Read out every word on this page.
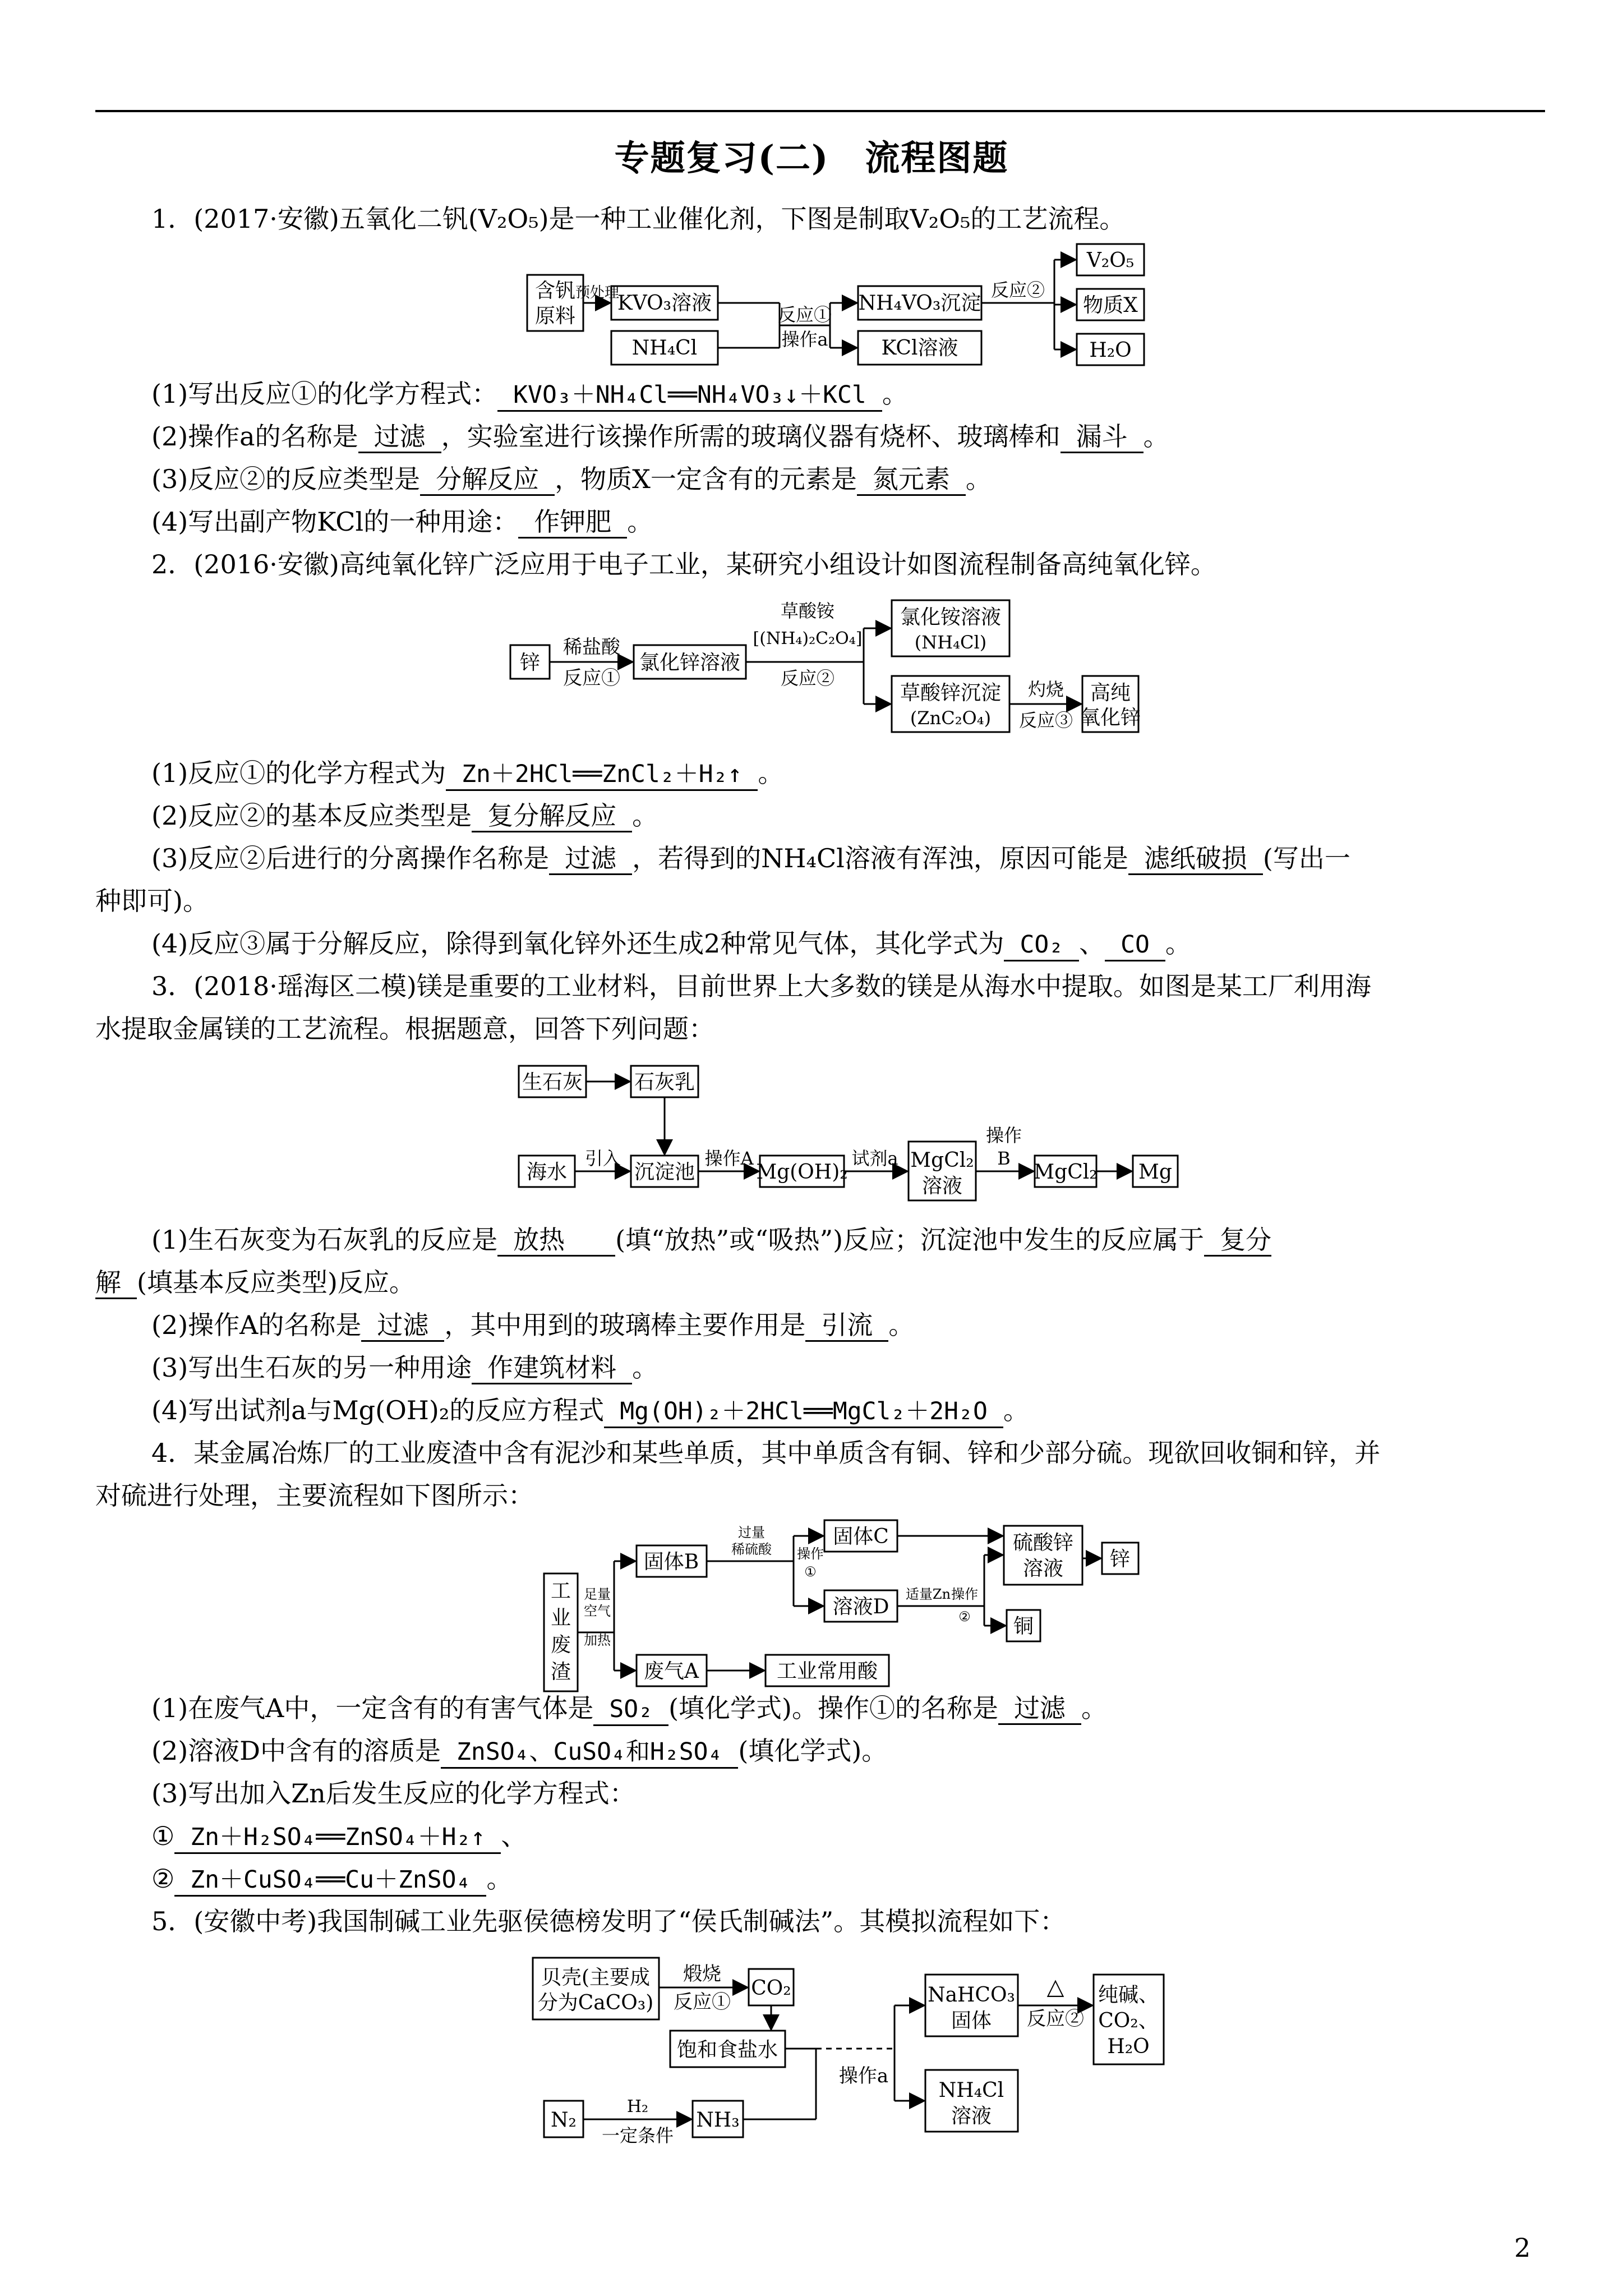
专题复习(二)　流程图题
1．(2017·安徽)五氧化二钒(V₂O₅)是一种工业催化剂，下图是制取V₂O₅的工艺流程。
含钒
原料
预处理
KVO₃溶液
NH₄Cl
反应①
操作a
NH₄VO₃沉淀
KCl溶液
反应②
V₂O₅
物质X
H₂O
(1)写出反应①的化学方程式： KVO₃＋NH₄Cl══NH₄VO₃↓＋KCl 。
(2)操作a的名称是 过滤 ，实验室进行该操作所需的玻璃仪器有烧杯、玻璃棒和 漏斗 。
(3)反应②的反应类型是 分解反应 ，物质X一定含有的元素是 氮元素 。
(4)写出副产物KCl的一种用途： 作钾肥 。
2．(2016·安徽)高纯氧化锌广泛应用于电子工业，某研究小组设计如图流程制备高纯氧化锌。
锌
稀盐酸
反应①
氯化锌溶液
草酸铵
[(NH₄)₂C₂O₄]
反应②
氯化铵溶液
(NH₄Cl)
草酸锌沉淀
(ZnC₂O₄)
灼烧
反应③
高纯
氧化锌
(1)反应①的化学方程式为 Zn＋2HCl══ZnCl₂＋H₂↑ 。
(2)反应②的基本反应类型是 复分解反应 。
(3)反应②后进行的分离操作名称是 过滤 ，若得到的NH₄Cl溶液有浑浊，原因可能是 滤纸破损 (写出一
种即可)。
(4)反应③属于分解反应，除得到氧化锌外还生成2种常见气体，其化学式为 CO₂ 、 CO 。
3．(2018·瑶海区二模)镁是重要的工业材料，目前世界上大多数的镁是从海水中提取。如图是某工厂利用海
水提取金属镁的工艺流程。根据题意，回答下列问题：
生石灰	石灰乳
海水
引入
沉淀池
操作A
Mg(OH)₂
试剂a MgCl₂
溶液
操作
B
MgCl₂ Mg
(1)生石灰变为石灰乳的反应是 放热 (填“放热”或“吸热”)反应；沉淀池中发生的反应属于 复分
解 (填基本反应类型)反应。
(2)操作A的名称是 过滤 ，其中用到的玻璃棒主要作用是 引流 。
(3)写出生石灰的另一种用途 作建筑材料 。
(4)写出试剂a与Mg(OH)₂的反应方程式 Mg(OH)₂＋2HCl══MgCl₂＋2H₂O 。
4．某金属冶炼厂的工业废渣中含有泥沙和某些单质，其中单质含有铜、锌和少部分硫。现欲回收铜和锌，并
对硫进行处理，主要流程如下图所示：
工
业
废
渣
足量
空气
加热
固体B
过量
稀硫酸 操作
①
固体C
溶液D
适量Zn 操作
②
硫酸锌
溶液 锌
铜
废气A	工业常用酸
(1)在废气A中，一定含有的有害气体是 SO₂ (填化学式)。操作①的名称是 过滤 。
(2)溶液D中含有的溶质是 ZnSO₄、CuSO₄和H₂SO₄ (填化学式)。
(3)写出加入Zn后发生反应的化学方程式：
① Zn＋H₂SO₄══ZnSO₄＋H₂↑ 、
② Zn＋CuSO₄══Cu＋ZnSO₄ 。
5．(安徽中考)我国制碱工业先驱侯德榜发明了“侯氏制碱法”。其模拟流程如下：
贝壳(主要成
分为CaCO₃)
煅烧
反应①
CO₂
饱和食盐水
N₂
H₂
一定条件
NH₃
操作a
NaHCO₃
固体
△
反应②
NH₄Cl
溶液
纯碱、
CO₂、
H₂O
2
